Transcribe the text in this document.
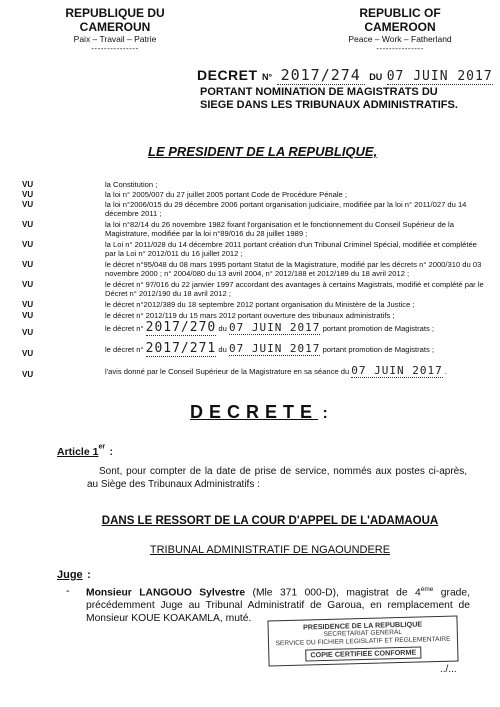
REPUBLIQUE DU CAMEROUN
Paix – Travail – Patrie
---------------
REPUBLIC OF CAMEROON
Peace – Work – Fatherland
---------------
DECRET N° 2017/274 DU 07 JUIN 2017
PORTANT NOMINATION DE MAGISTRATS DU
SIEGE DANS LES TRIBUNAUX ADMINISTRATIFS.
LE PRESIDENT DE LA REPUBLIQUE,
VU	la Constitution ;
VU	la loi n° 2005/007 du 27 juillet 2005 portant Code de Procédure Pénale ;
VU	la loi n°2006/015 du 29 décembre 2006 portant organisation judiciaire, modifiée par la loi n° 2011/027 du 14 décembre 2011 ;
VU	la loi n°82/14 du 26 novembre 1982 fixant l'organisation et le fonctionnement du Conseil Supérieur de la Magistrature, modifiée par la loi n°89/016 du 28 juillet 1989 ;
VU	la Loi n° 2011/028 du 14 décembre 2011 portant création d'un Tribunal Criminel Spécial, modifiée et complétée par la Loi n° 2012/011 du 16 juillet 2012 ;
VU	le décret n°95/048 du 08 mars 1995 portant Statut de la Magistrature, modifié par les décrets n° 2000/310 du 03 novembre 2000 ; n° 2004/080 du 13 avril 2004, n° 2012/188 et 2012/189 du 18 avril 2012 ;
VU	le décret n° 97/016 du 22 janvier 1997 accordant des avantages à certains Magistrats, modifié et complété par le Décret n° 2012/190 du 18 avril 2012 ;
VU	le décret n°2012/389 du 18 septembre 2012 portant organisation du Ministère de la Justice ;
VU	le décret n° 2012/119 du 15 mars 2012 portant ouverture des tribunaux administratifs ;
VU	le décret n° 2017/270 du 07 JUIN 2017 portant promotion de Magistrats ;
VU	le décret n° 2017/271 du 07 JUIN 2017 portant promotion de Magistrats ;
VU	l'avis donné par le Conseil Supérieur de la Magistrature en sa séance du 07 JUIN 2017 .
DECRETE :
Article 1er :
Sont, pour compter de la date de prise de service, nommés aux postes ci-après, au Siège des Tribunaux Administratifs :
DANS LE RESSORT DE LA COUR D'APPEL DE L'ADAMAOUA
TRIBUNAL ADMINISTRATIF DE NGAOUNDERE
Juge :
- Monsieur LANGOUO Sylvestre (Mle 371 000-D), magistrat de 4ème grade, précédemment Juge au Tribunal Administratif de Garoua, en remplacement de Monsieur KOUE KOAKAMLA, muté.
PRESIDENCE DE LA REPUBLIQUE
SECRETARIAT GENERAL
SERVICE DU FICHIER LEGISLATIF ET REGLEMENTAIRE
COPIE CERTIFIEE CONFORME
../...
